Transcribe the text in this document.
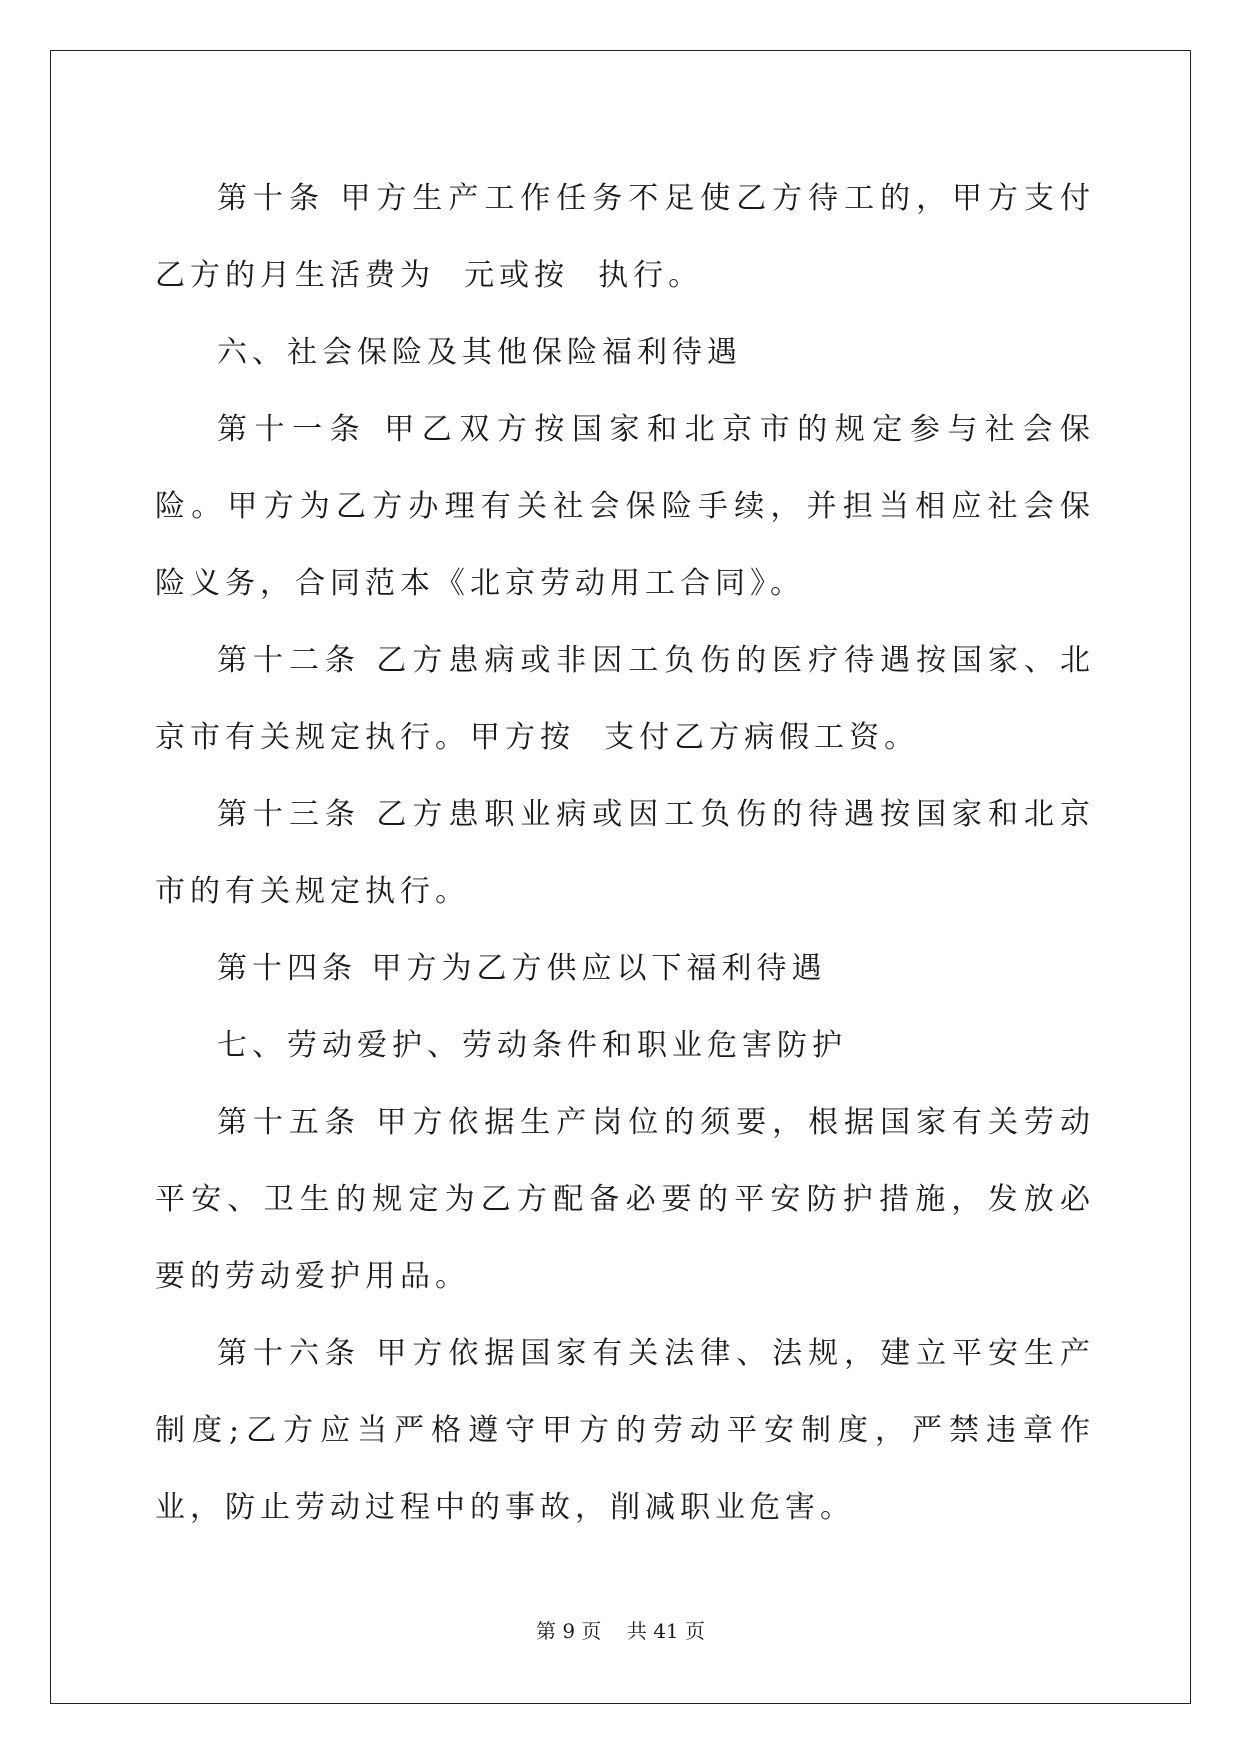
第十条 甲方生产工作任务不足使乙方待工的，甲方支付乙方的月生活费为  元或按  执行。

六、社会保险及其他保险福利待遇

第十一条 甲乙双方按国家和北京市的规定参与社会保险。甲方为乙方办理有关社会保险手续，并担当相应社会保险义务，合同范本《北京劳动用工合同》。

第十二条 乙方患病或非因工负伤的医疗待遇按国家、北京市有关规定执行。甲方按  支付乙方病假工资。

第十三条 乙方患职业病或因工负伤的待遇按国家和北京市的有关规定执行。

第十四条 甲方为乙方供应以下福利待遇

七、劳动爱护、劳动条件和职业危害防护

第十五条 甲方依据生产岗位的须要，根据国家有关劳动平安、卫生的规定为乙方配备必要的平安防护措施，发放必要的劳动爱护用品。

第十六条 甲方依据国家有关法律、法规，建立平安生产制度;乙方应当严格遵守甲方的劳动平安制度，严禁违章作业，防止劳动过程中的事故，削减职业危害。

第 9 页    共 41 页
